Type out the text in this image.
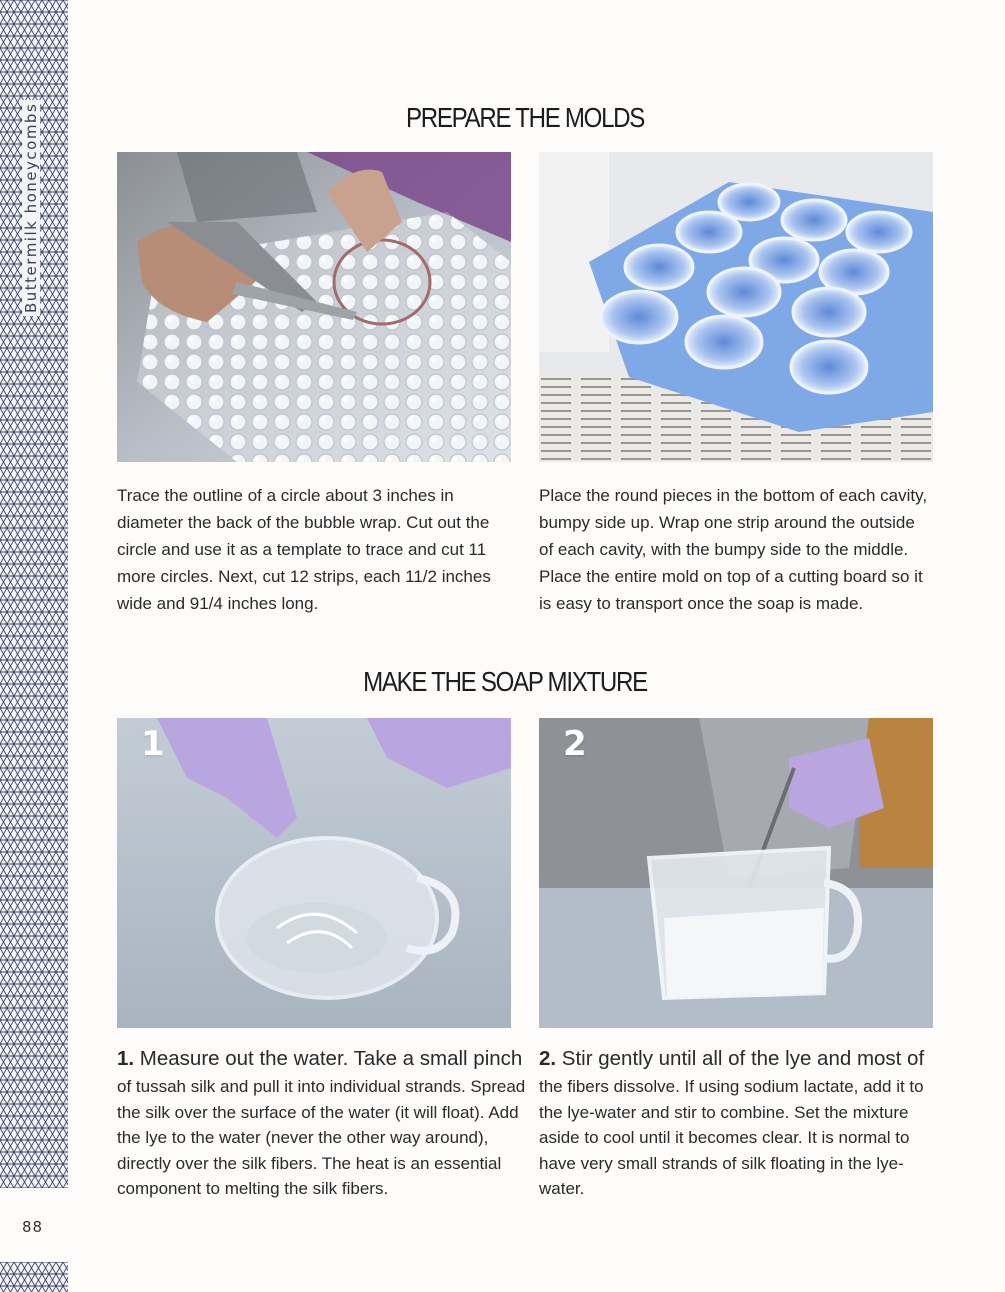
Buttermilk honeycombs
88
PREPARE THE MOLDS

Trace the outline of a circle about 3 inches in diameter the back of the bubble wrap. Cut out the circle and use it as a template to trace and cut 11 more circles. Next, cut 12 strips, each 11/2 inches wide and 91/4 inches long.

Place the round pieces in the bottom of each cavity, bumpy side up. Wrap one strip around the outside of each cavity, with the bumpy side to the middle. Place the entire mold on top of a cutting board so it is easy to transport once the soap is made.

MAKE THE SOAP MIXTURE
1	2
1. Measure out the water. Take a small pinch
of tussah silk and pull it into individual strands. Spread the silk over the surface of the water (it will float). Add the lye to the water (never the other way around), directly over the silk fibers. The heat is an essential component to melting the silk fibers.
2. Stir gently until all of the lye and most of
the fibers dissolve. If using sodium lactate, add it to the lye-water and stir to combine. Set the mixture aside to cool until it becomes clear. It is normal to have very small strands of silk floating in the lye-water.
